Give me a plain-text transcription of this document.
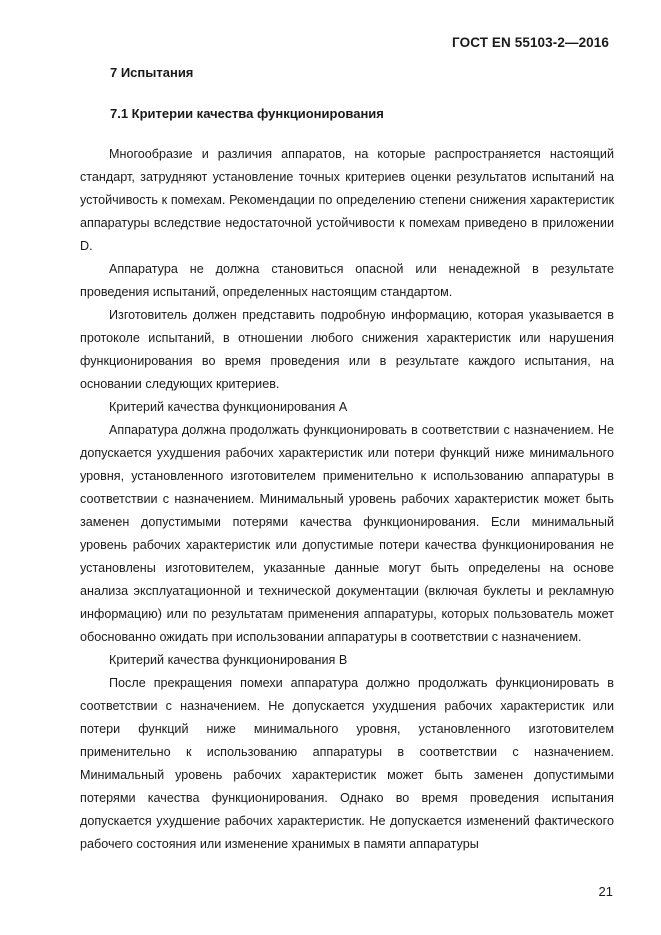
ГОСТ EN 55103-2—2016
7 Испытания
7.1 Критерии качества функционирования

Многообразие и различия аппаратов, на которые распространяется настоящий стандарт, затрудняют установление точных критериев оценки результатов испытаний на устойчивость к помехам. Рекомендации по определению степени снижения характеристик аппаратуры вследствие недостаточной устойчивости к помехам приведено в приложении D.

Аппаратура не должна становиться опасной или ненадежной в результате проведения испытаний, определенных настоящим стандартом.

Изготовитель должен представить подробную информацию, которая указывается в протоколе испытаний, в отношении любого снижения характеристик или нарушения функционирования во время проведения или в результате каждого испытания, на основании следующих критериев.

Критерий качества функционирования A

Аппаратура должна продолжать функционировать в соответствии с назначением. Не допускается ухудшения рабочих характеристик или потери функций ниже минимального уровня, установленного изготовителем применительно к использованию аппаратуры в соответствии с назначением. Минимальный уровень рабочих характеристик может быть заменен допустимыми потерями качества функционирования. Если минимальный уровень рабочих характеристик или допустимые потери качества функционирования не установлены изготовителем, указанные данные могут быть определены на основе анализа эксплуатационной и технической документации (включая буклеты и рекламную информацию) или по результатам применения аппаратуры, которых пользователь может обоснованно ожидать при использовании аппаратуры в соответствии с назначением.

Критерий качества функционирования B

После прекращения помехи аппаратура должно продолжать функционировать в соответствии с назначением. Не допускается ухудшения рабочих характеристик или потери функций ниже минимального уровня, установленного изготовителем применительно к использованию аппаратуры в соответствии с назначением. Минимальный уровень рабочих характеристик может быть заменен допустимыми потерями качества функционирования. Однако во время проведения испытания допускается ухудшение рабочих характеристик. Не допускается изменений фактического рабочего состояния или изменение хранимых в памяти аппаратуры

21
